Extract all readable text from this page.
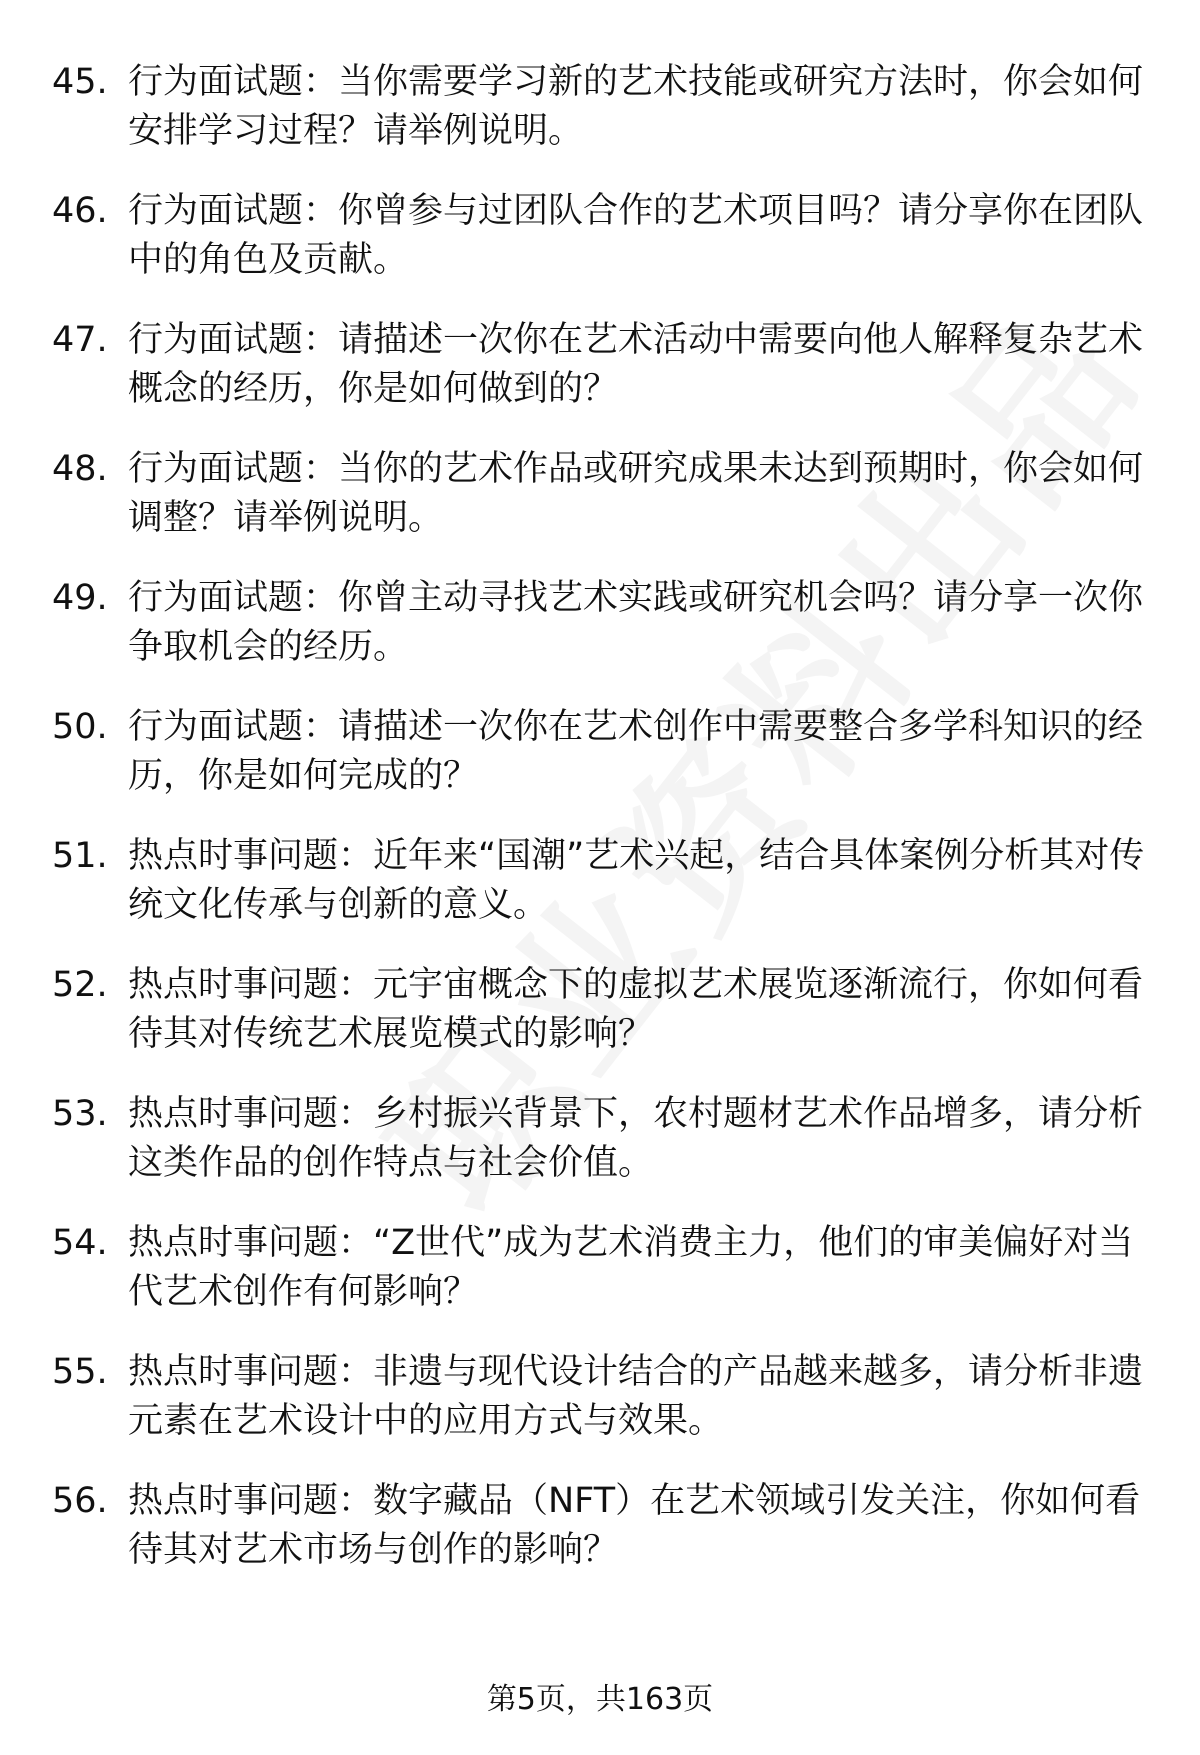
45. 行为面试题：当你需要学习新的艺术技能或研究方法时，你会如何安排学习过程？请举例说明。
46. 行为面试题：你曾参与过团队合作的艺术项目吗？请分享你在团队中的角色及贡献。
47. 行为面试题：请描述一次你在艺术活动中需要向他人解释复杂艺术概念的经历，你是如何做到的？
48. 行为面试题：当你的艺术作品或研究成果未达到预期时，你会如何调整？请举例说明。
49. 行为面试题：你曾主动寻找艺术实践或研究机会吗？请分享一次你争取机会的经历。
50. 行为面试题：请描述一次你在艺术创作中需要整合多学科知识的经历，你是如何完成的？
51. 热点时事问题：近年来“国潮”艺术兴起，结合具体案例分析其对传统文化传承与创新的意义。
52. 热点时事问题：元宇宙概念下的虚拟艺术展览逐渐流行，你如何看待其对传统艺术展览模式的影响？
53. 热点时事问题：乡村振兴背景下，农村题材艺术作品增多，请分析这类作品的创作特点与社会价值。
54. 热点时事问题：“Z世代”成为艺术消费主力，他们的审美偏好对当代艺术创作有何影响？
55. 热点时事问题：非遗与现代设计结合的产品越来越多，请分析非遗元素在艺术设计中的应用方式与效果。
56. 热点时事问题：数字藏品（NFT）在艺术领域引发关注，你如何看待其对艺术市场与创作的影响？
第5页，共163页
